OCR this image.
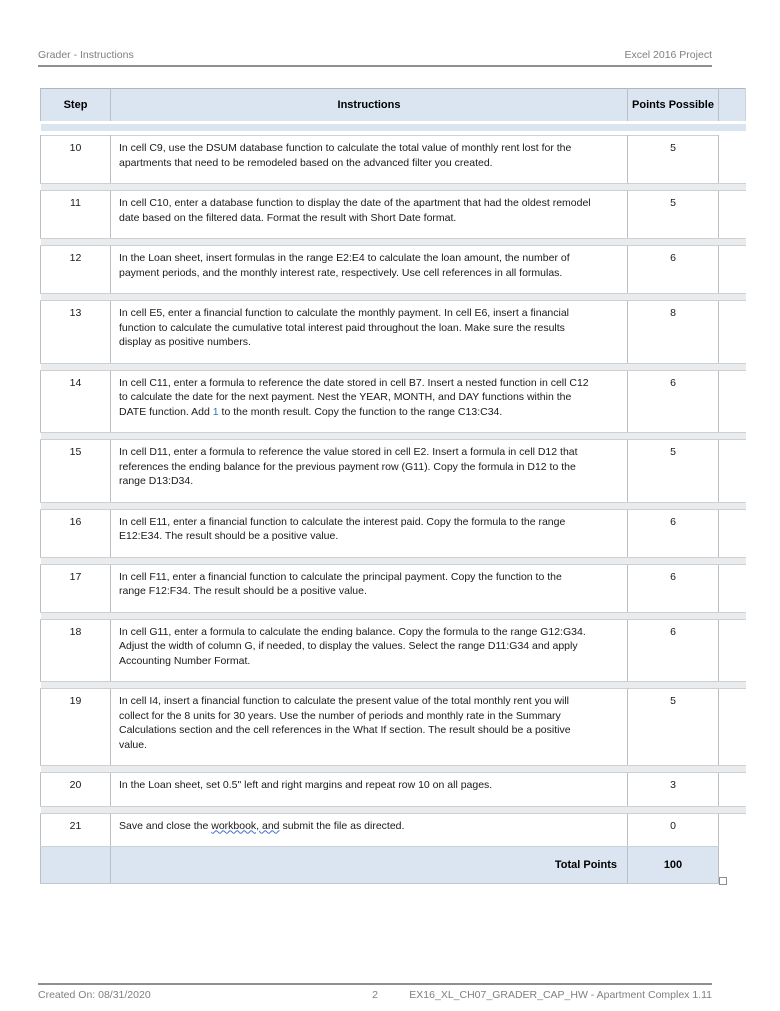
Grader - Instructions	Excel 2016 Project
Step	Instructions	Points Possible	

10	In cell C9, use the DSUM database function to calculate the total value of monthly rent lost for the apartments that need to be remodeled based on the advanced filter you created.	5	

11	In cell C10, enter a database function to display the date of the apartment that had the oldest remodel date based on the filtered data. Format the result with Short Date format.	5	

12	In the Loan sheet, insert formulas in the range E2:E4 to calculate the loan amount, the number of payment periods, and the monthly interest rate, respectively. Use cell references in all formulas.	6	

13	In cell E5, enter a financial function to calculate the monthly payment. In cell E6, insert a financial function to calculate the cumulative total interest paid throughout the loan. Make sure the results display as positive numbers.	8	

14	In cell C11, enter a formula to reference the date stored in cell B7. Insert a nested function in cell C12 to calculate the date for the next payment. Nest the YEAR, MONTH, and DAY functions within the DATE function. Add 1 to the month result. Copy the function to the range C13:C34.	6	

15	In cell D11, enter a formula to reference the value stored in cell E2. Insert a formula in cell D12 that references the ending balance for the previous payment row (G11). Copy the formula in D12 to the range D13:D34.	5	

16	In cell E11, enter a financial function to calculate the interest paid. Copy the formula to the range E12:E34. The result should be a positive value.	6	

17	In cell F11, enter a financial function to calculate the principal payment. Copy the function to the range F12:F34. The result should be a positive value.	6	

18	In cell G11, enter a formula to calculate the ending balance. Copy the formula to the range G12:G34. Adjust the width of column G, if needed, to display the values. Select the range D11:G34 and apply Accounting Number Format.	6	

19	In cell I4, insert a financial function to calculate the present value of the total monthly rent you will collect for the 8 units for 30 years. Use the number of periods and monthly rate in the Summary Calculations section and the cell references in the What If section. The result should be a positive value.	5	

20	In the Loan sheet, set 0.5" left and right margins and repeat row 10 on all pages.	3	

21	Save and close the workbook, and submit the file as directed.	0	
	Total Points	100	
2
Created On: 08/31/2020	EX16_XL_CH07_GRADER_CAP_HW - Apartment Complex 1.11
